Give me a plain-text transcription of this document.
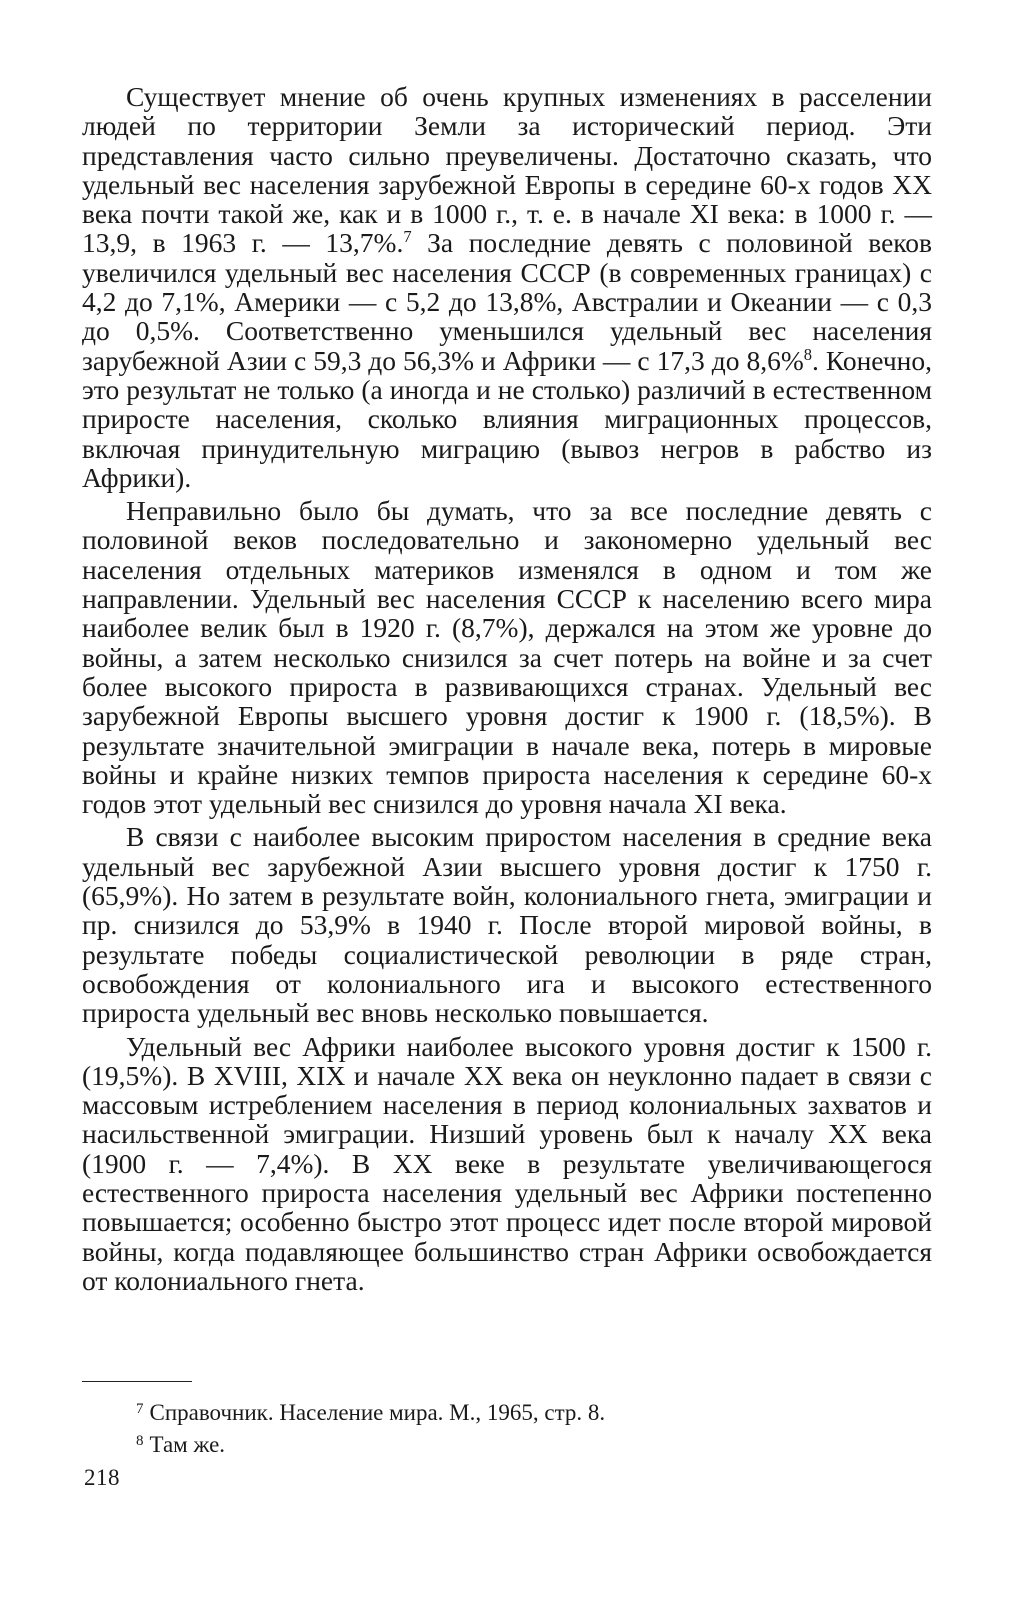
Существует мнение об очень крупных изменениях в расселении людей по территории Земли за исторический период. Эти представления часто сильно преувеличены. Достаточно сказать, что удельный вес населения зарубежной Европы в середине 60-х годов XX века почти такой же, как и в 1000 г., т. е. в начале XI века: в 1000 г. — 13,9, в 1963 г. — 13,7%.$^7$ За последние девять с половиной веков увеличился удельный вес населения СССР (в современных границах) с 4,2 до 7,1%, Америки — с 5,2 до 13,8%, Австралии и Океании — с 0,3 до 0,5%. Соответственно уменьшился удельный вес населения зарубежной Азии с 59,3 до 56,3% и Африки — с 17,3 до 8,6%$^8$. Конечно, это результат не только (а иногда и не столько) различий в естественном приросте населения, сколько влияния миграционных процессов, включая принудительную миграцию (вывоз негров в рабство из Африки).

Неправильно было бы думать, что за все последние девять с половиной веков последовательно и закономерно удельный вес населения отдельных материков изменялся в одном и том же направлении. Удельный вес населения СССР к населению всего мира наиболее велик был в 1920 г. (8,7%), держался на этом же уровне до войны, а затем несколько снизился за счет потерь на войне и за счет более высокого прироста в развивающихся странах. Удельный вес зарубежной Европы высшего уровня достиг к 1900 г. (18,5%). В результате значительной эмиграции в начале века, потерь в мировые войны и крайне низких темпов прироста населения к середине 60-х годов этот удельный вес снизился до уровня начала XI века.

В связи с наиболее высоким приростом населения в средние века удельный вес зарубежной Азии высшего уровня достиг к 1750 г. (65,9%). Но затем в результате войн, колониального гнета, эмиграции и пр. снизился до 53,9% в 1940 г. После второй мировой войны, в результате победы социалистической революции в ряде стран, освобождения от колониального ига и высокого естественного прироста удельный вес вновь несколько повышается.

Удельный вес Африки наиболее высокого уровня достиг к 1500 г. (19,5%). В XVIII, XIX и начале XX века он неуклонно падает в связи с массовым истреблением населения в период колониальных захватов и насильственной эмиграции. Низший уровень был к началу XX века (1900 г. — 7,4%). В XX веке в результате увеличивающегося естественного прироста населения удельный вес Африки постепенно повышается; особенно быстро этот процесс идет после второй мировой войны, когда подавляющее большинство стран Африки освобождается от колониального гнета.

$^7$ Справочник. Население мира. М., 1965, стр. 8.

$^8$ Там же.

218
